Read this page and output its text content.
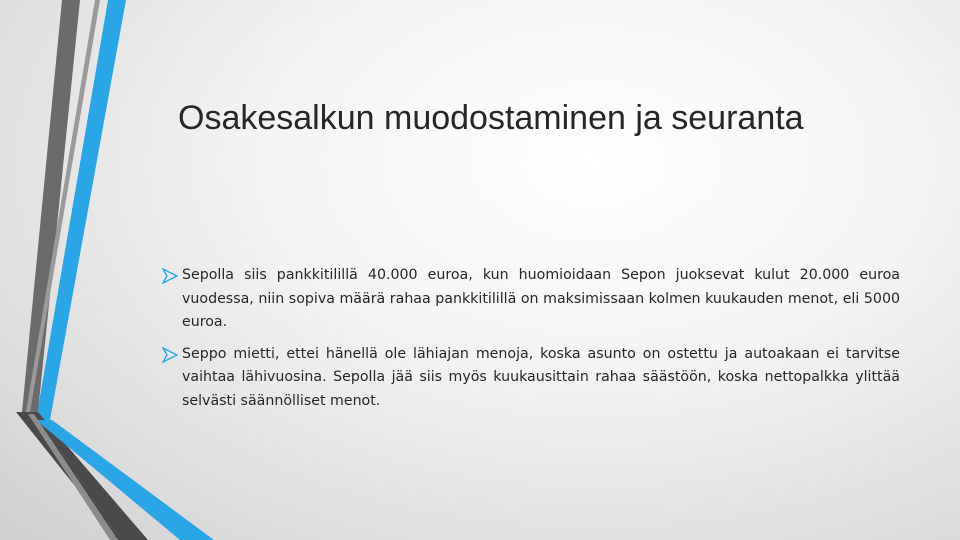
Osakesalkun muodostaminen ja seuranta
Sepolla siis pankkitilillä 40.000 euroa, kun huomioidaan Sepon juoksevat kulut 20.000 euroa vuodessa, niin sopiva määrä rahaa pankkitilillä on maksimissaan kolmen kuukauden menot, eli 5000 euroa.
Seppo mietti, ettei hänellä ole lähiajan menoja, koska asunto on ostettu ja autoakaan ei tarvitse vaihtaa lähivuosina. Sepolla jää siis myös kuukausittain rahaa säästöön, koska nettopalkka ylittää selvästi säännölliset menot.
